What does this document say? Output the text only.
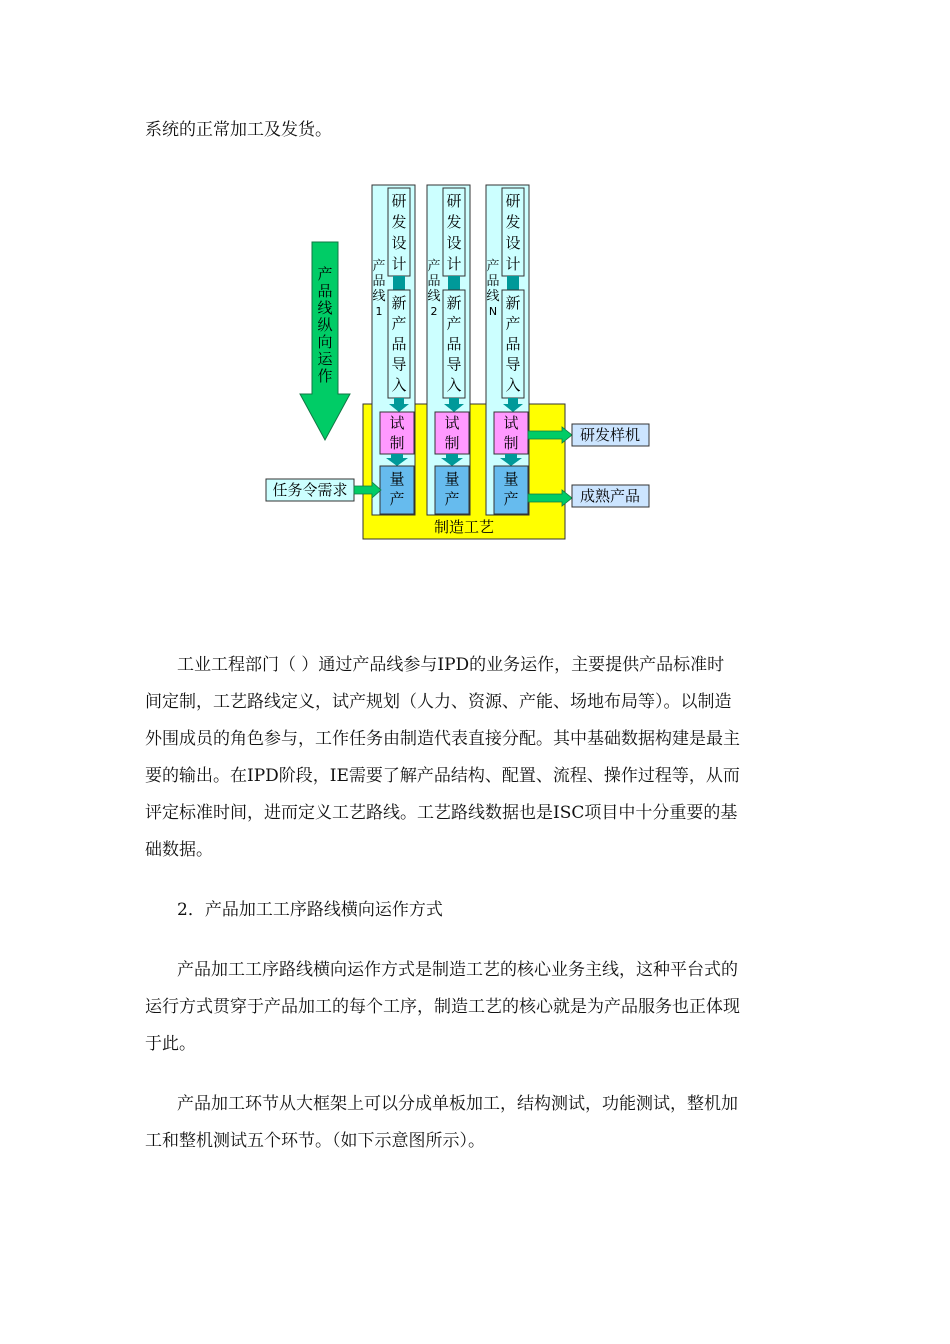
系统的正常加工及发货。
制造工艺
产
品
线
纵
向
运
作
产
品
线
1
研
发
设
计
新
产
品
导
入
试
制
量
产
产
品
线
2
研
发
设
计
新
产
品
导
入
试
制
量
产
产
品
线
N
研
发
设
计
新
产
品
导
入
试
制
量
产
任务令需求
研发样机
成熟产品
工业工程部门（ ）通过产品线参与IPD的业务运作，主要提供产品标准时
间定制，工艺路线定义，试产规划（人力、资源、产能、场地布局等）。以制造
外围成员的角色参与，工作任务由制造代表直接分配。其中基础数据构建是最主
要的输出。在IPD阶段，IE需要了解产品结构、配置、流程、操作过程等，从而
评定标准时间，进而定义工艺路线。工艺路线数据也是ISC项目中十分重要的基
础数据。
2．产品加工工序路线横向运作方式
产品加工工序路线横向运作方式是制造工艺的核心业务主线，这种平台式的
运行方式贯穿于产品加工的每个工序，制造工艺的核心就是为产品服务也正体现
于此。
产品加工环节从大框架上可以分成单板加工，结构测试，功能测试，整机加
工和整机测试五个环节。（如下示意图所示）。
